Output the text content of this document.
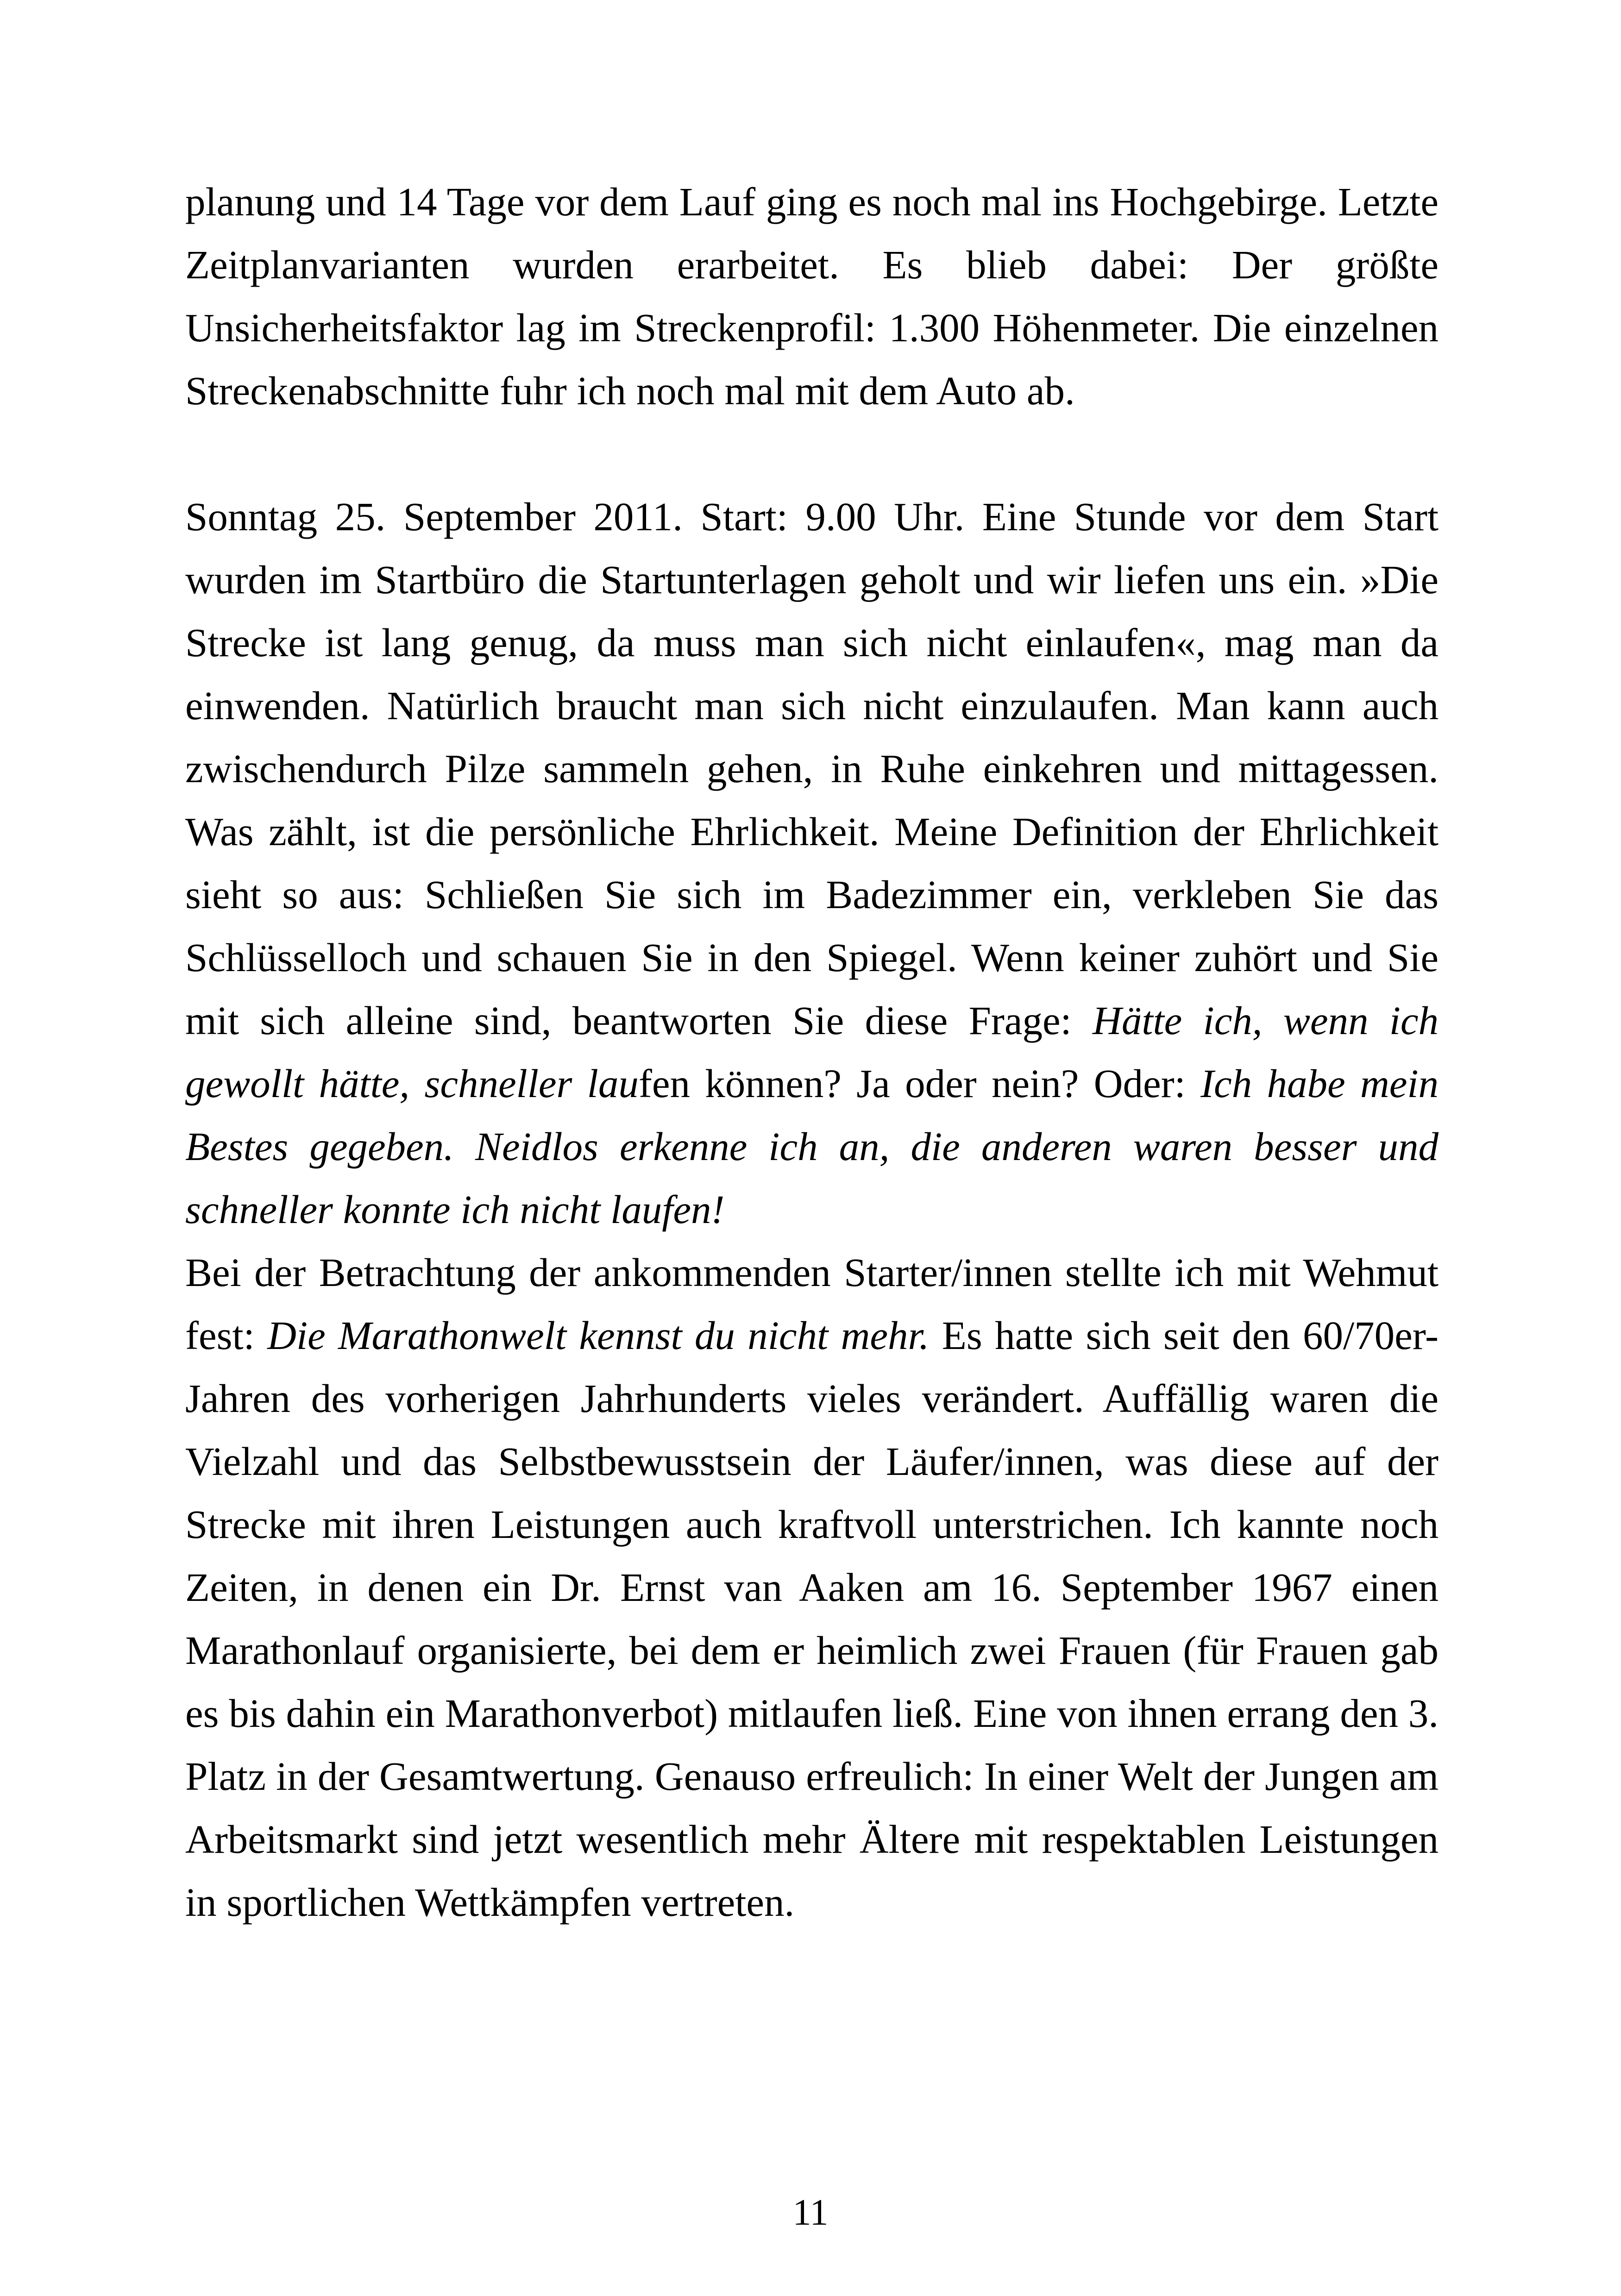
planung und 14 Tage vor dem Lauf ging es noch mal ins Hochgebirge. Letzte Zeitplanvarianten wurden erarbeitet. Es blieb dabei: Der größte Unsicherheitsfaktor lag im Streckenprofil: 1.300 Höhenmeter. Die einzelnen Streckenabschnitte fuhr ich noch mal mit dem Auto ab.

Sonntag 25. September 2011. Start: 9.00 Uhr. Eine Stunde vor dem Start wurden im Startbüro die Startunterlagen geholt und wir liefen uns ein. »Die Strecke ist lang genug, da muss man sich nicht einlaufen«, mag man da einwenden. Natürlich braucht man sich nicht einzulaufen. Man kann auch zwischendurch Pilze sammeln gehen, in Ruhe einkehren und mittagessen. Was zählt, ist die persönliche Ehrlichkeit. Meine Definition der Ehrlichkeit sieht so aus: Schließen Sie sich im Badezimmer ein, verkleben Sie das Schlüsselloch und schauen Sie in den Spiegel. Wenn keiner zuhört und Sie mit sich alleine sind, beantworten Sie diese Frage: Hätte ich, wenn ich gewollt hätte, schneller laufen können? Ja oder nein? Oder: Ich habe mein Bestes gegeben. Neidlos erkenne ich an, die anderen waren besser und schneller konnte ich nicht laufen!

Bei der Betrachtung der ankommenden Starter/innen stellte ich mit Wehmut fest: Die Marathonwelt kennst du nicht mehr. Es hatte sich seit den 60/70er-Jahren des vorherigen Jahrhunderts vieles verändert. Auffällig waren die Vielzahl und das Selbstbewusstsein der Läufer/innen, was diese auf der Strecke mit ihren Leistungen auch kraftvoll unterstrichen. Ich kannte noch Zeiten, in denen ein Dr. Ernst van Aaken am 16. September 1967 einen Marathonlauf organisierte, bei dem er heimlich zwei Frauen (für Frauen gab es bis dahin ein Marathonverbot) mitlaufen ließ. Eine von ihnen errang den 3. Platz in der Gesamtwertung. Genauso erfreulich: In einer Welt der Jungen am Arbeitsmarkt sind jetzt wesentlich mehr Ältere mit respektablen Leistungen in sportlichen Wettkämpfen vertreten.

11
